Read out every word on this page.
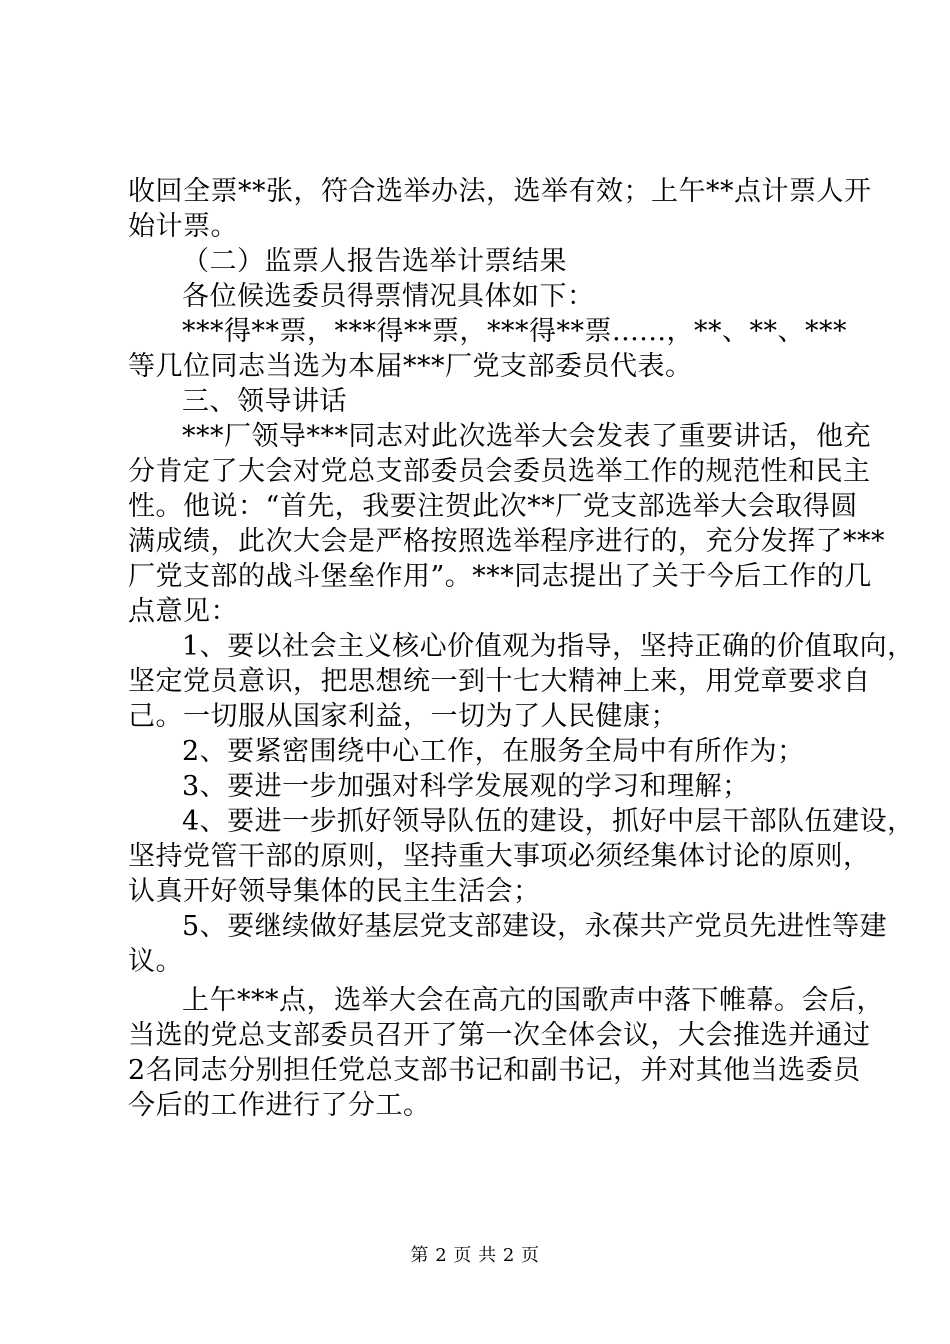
收回全票**张，符合选举办法，选举有效；上午**点计票人开
始计票。
（二）监票人报告选举计票结果
各位候选委员得票情况具体如下：
***得**票，***得**票，***得**票......，**、**、***
等几位同志当选为本届***厂党支部委员代表。
三、领导讲话
***厂领导***同志对此次选举大会发表了重要讲话，他充
分肯定了大会对党总支部委员会委员选举工作的规范性和民主
性。他说：“首先，我要注贺此次**厂党支部选举大会取得圆
满成绩，此次大会是严格按照选举程序进行的，充分发挥了***
厂党支部的战斗堡垒作用”。***同志提出了关于今后工作的几
点意见：
1、要以社会主义核心价值观为指导，坚持正确的价值取向，
坚定党员意识，把思想统一到十七大精神上来，用党章要求自
己。一切服从国家利益，一切为了人民健康；
2、要紧密围绕中心工作，在服务全局中有所作为；
3、要进一步加强对科学发展观的学习和理解；
4、要进一步抓好领导队伍的建设，抓好中层干部队伍建设，
坚持党管干部的原则，坚持重大事项必须经集体讨论的原则，
认真开好领导集体的民主生活会；
5、要继续做好基层党支部建设，永葆共产党员先进性等建
议。
上午***点，选举大会在高亢的国歌声中落下帷幕。会后，
当选的党总支部委员召开了第一次全体会议，大会推选并通过
2名同志分别担任党总支部书记和副书记，并对其他当选委员
今后的工作进行了分工。
第 2 页 共 2 页
